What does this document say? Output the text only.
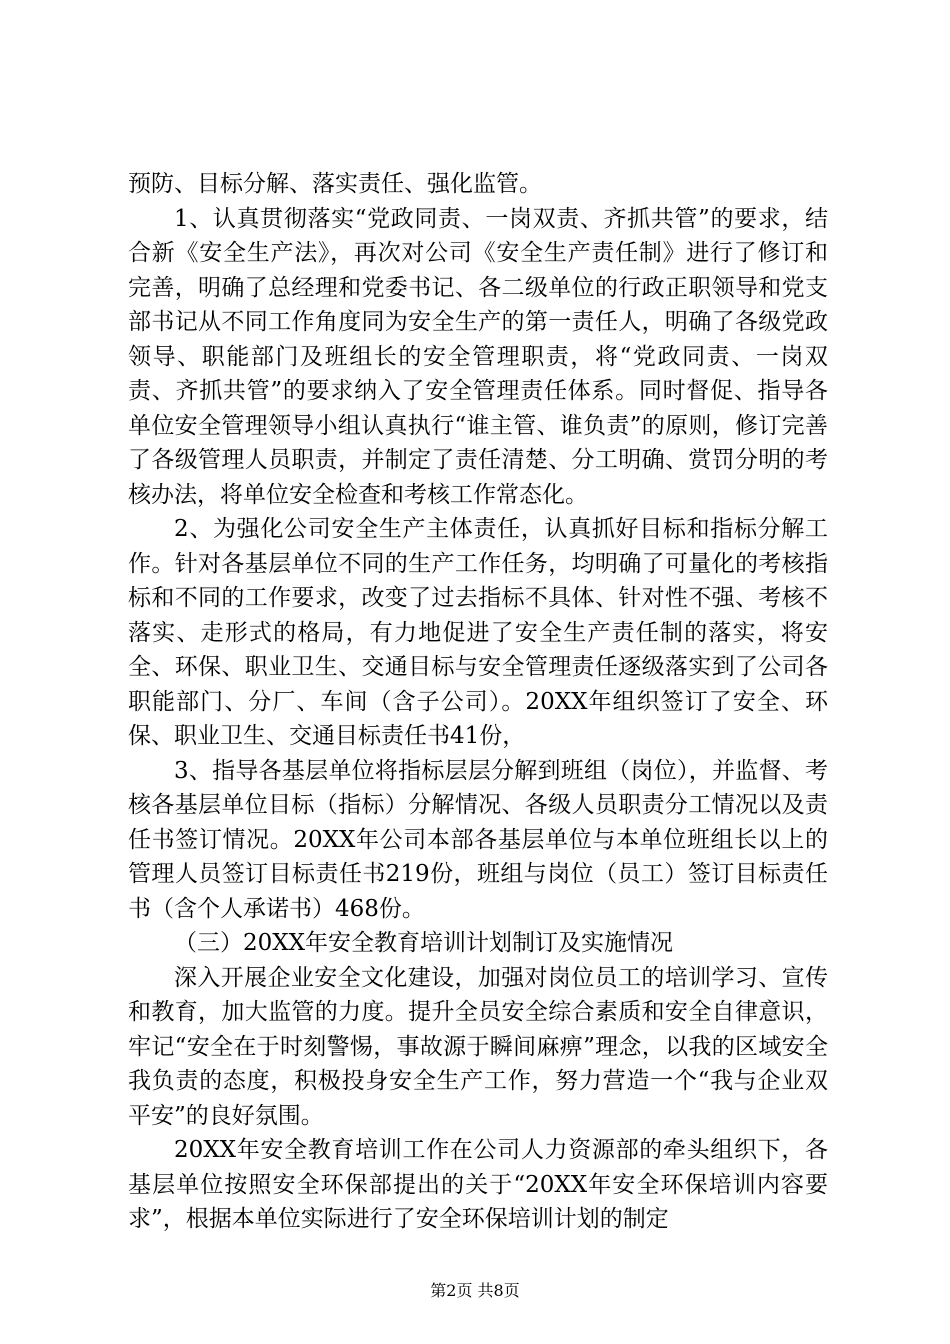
预防、目标分解、落实责任、强化监管。

1、认真贯彻落实“党政同责、一岗双责、齐抓共管”的要求，结合新《安全生产法》，再次对公司《安全生产责任制》进行了修订和完善，明确了总经理和党委书记、各二级单位的行政正职领导和党支部书记从不同工作角度同为安全生产的第一责任人，明确了各级党政领导、职能部门及班组长的安全管理职责，将“党政同责、一岗双责、齐抓共管”的要求纳入了安全管理责任体系。同时督促、指导各单位安全管理领导小组认真执行“谁主管、谁负责”的原则，修订完善了各级管理人员职责，并制定了责任清楚、分工明确、赏罚分明的考核办法，将单位安全检查和考核工作常态化。

2、为强化公司安全生产主体责任，认真抓好目标和指标分解工作。针对各基层单位不同的生产工作任务，均明确了可量化的考核指标和不同的工作要求，改变了过去指标不具体、针对性不强、考核不落实、走形式的格局，有力地促进了安全生产责任制的落实，将安全、环保、职业卫生、交通目标与安全管理责任逐级落实到了公司各职能部门、分厂、车间（含子公司）。20XX年组织签订了安全、环保、职业卫生、交通目标责任书41份，

3、指导各基层单位将指标层层分解到班组（岗位），并监督、考核各基层单位目标（指标）分解情况、各级人员职责分工情况以及责任书签订情况。20XX年公司本部各基层单位与本单位班组长以上的管理人员签订目标责任书219份，班组与岗位（员工）签订目标责任书（含个人承诺书）468份。

（三）20XX年安全教育培训计划制订及实施情况

深入开展企业安全文化建设，加强对岗位员工的培训学习、宣传和教育，加大监管的力度。提升全员安全综合素质和安全自律意识，牢记“安全在于时刻警惕，事故源于瞬间麻痹”理念，以我的区域安全我负责的态度，积极投身安全生产工作，努力营造一个“我与企业双平安”的良好氛围。

20XX年安全教育培训工作在公司人力资源部的牵头组织下，各基层单位按照安全环保部提出的关于“20XX年安全环保培训内容要求”，根据本单位实际进行了安全环保培训计划的制定

第2页 共8页
